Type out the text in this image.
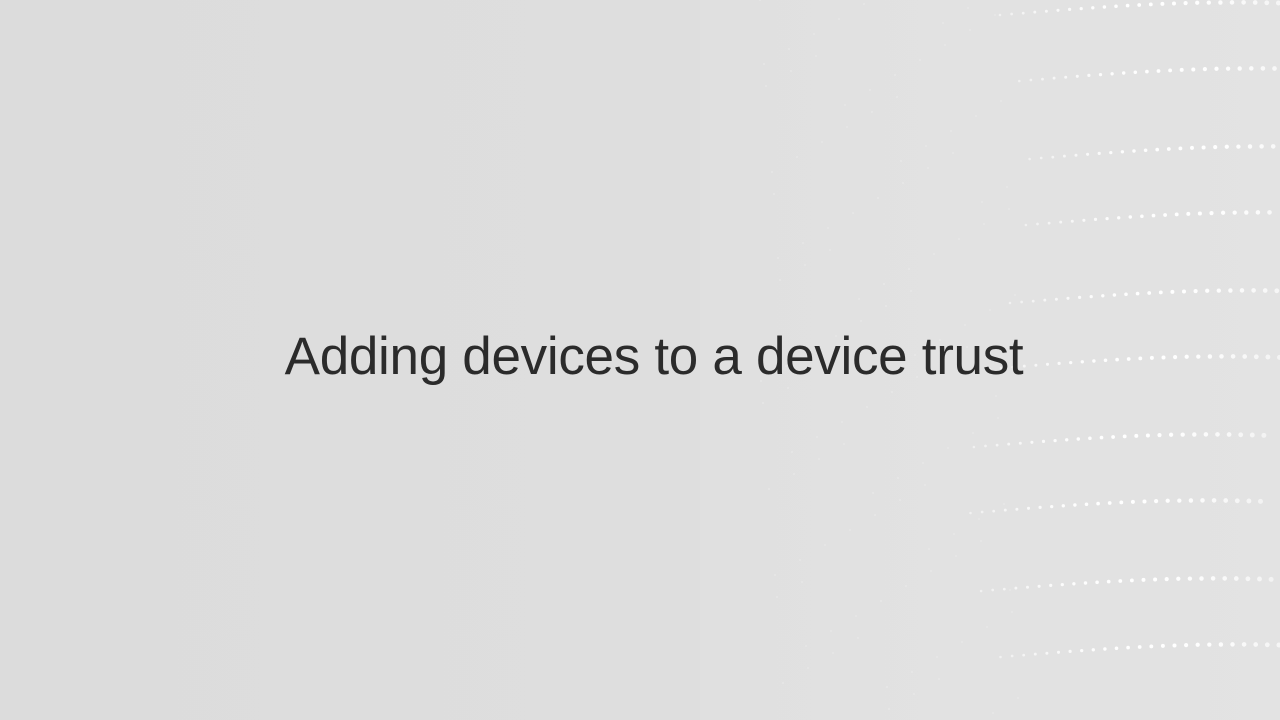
Adding devices to a device trust
